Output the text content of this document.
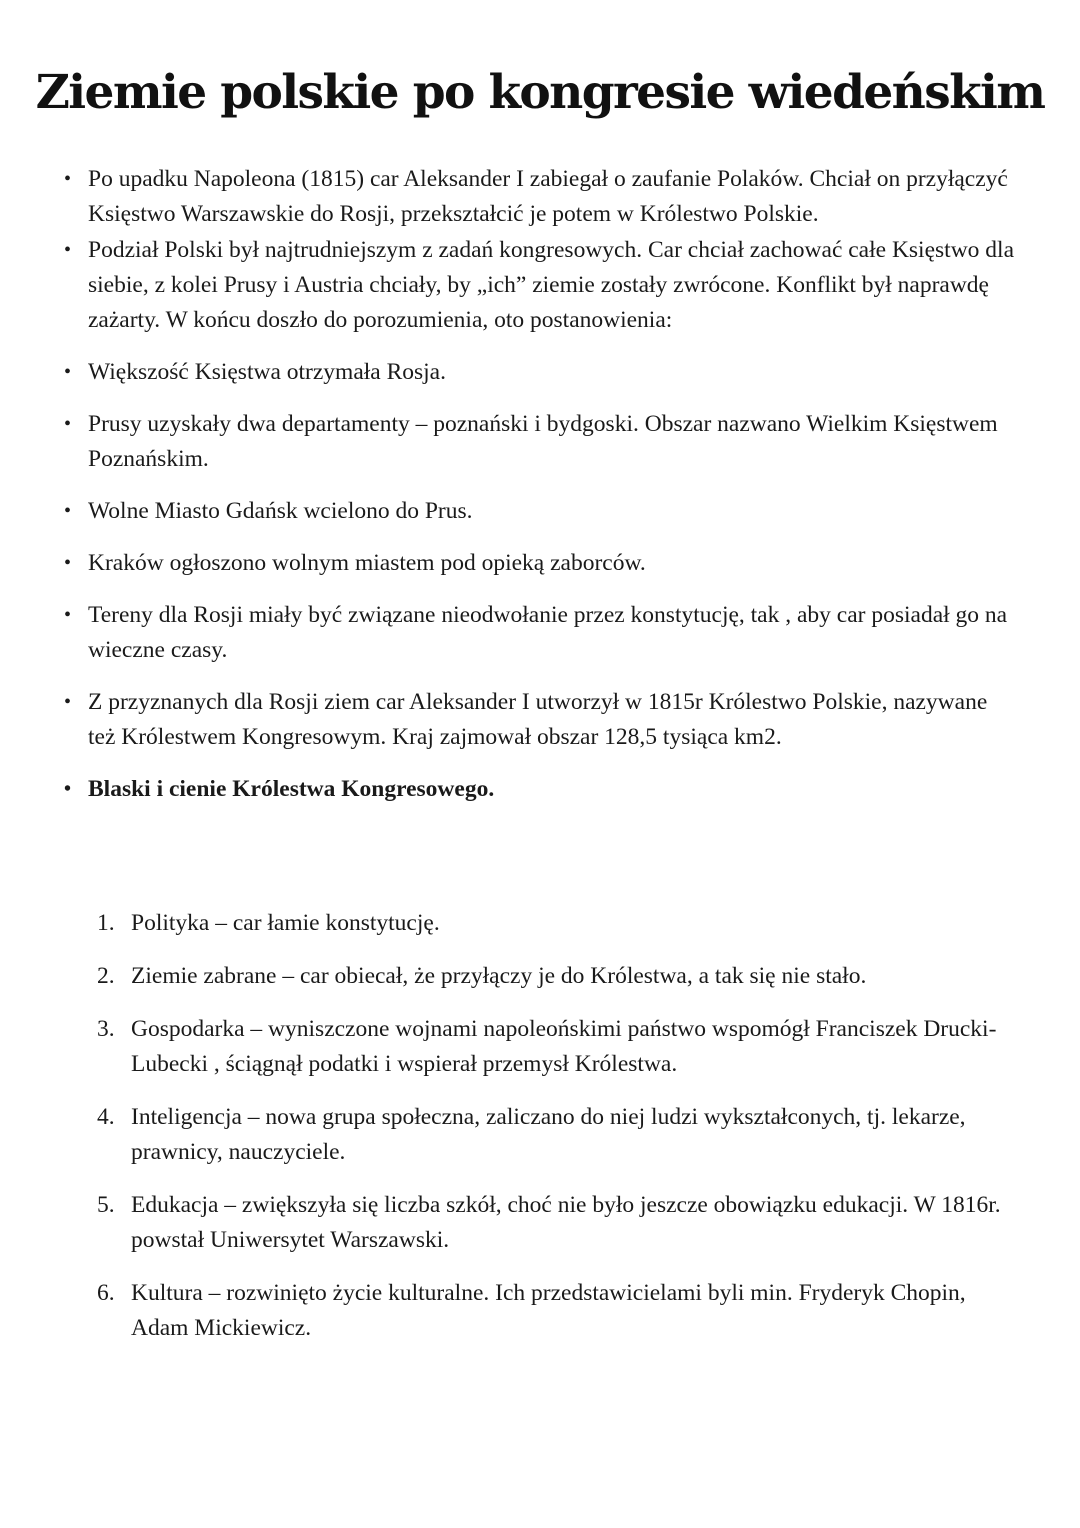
Ziemie polskie po kongresie wiedeńskim
• Po upadku Napoleona (1815) car Aleksander I zabiegał o zaufanie Polaków. Chciał on przyłączyć Księstwo Warszawskie do Rosji, przekształcić je potem w Królestwo Polskie.
• Podział Polski był najtrudniejszym z zadań kongresowych. Car chciał zachować całe Księstwo dla siebie, z kolei Prusy i Austria chciały, by „ich” ziemie zostały zwrócone. Konflikt był naprawdę zażarty. W końcu doszło do porozumienia, oto postanowienia:
• Większość Księstwa otrzymała Rosja.
• Prusy uzyskały dwa departamenty – poznański i bydgoski. Obszar nazwano Wielkim Księstwem Poznańskim.
• Wolne Miasto Gdańsk wcielono do Prus.
• Kraków ogłoszono wolnym miastem pod opieką zaborców.
• Tereny dla Rosji miały być związane nieodwołanie przez konstytucję, tak , aby car posiadał go na wieczne czasy.
• Z przyznanych dla Rosji ziem car Aleksander I utworzył w 1815r Królestwo Polskie, nazywane też Królestwem Kongresowym. Kraj zajmował obszar 128,5 tysiąca km2.
• Blaski i cienie Królestwa Kongresowego.
1. Polityka – car łamie konstytucję.
2. Ziemie zabrane – car obiecał, że przyłączy je do Królestwa, a tak się nie stało.
3. Gospodarka – wyniszczone wojnami napoleońskimi państwo wspomógł Franciszek Drucki-Lubecki , ściągnął podatki i wspierał przemysł Królestwa.
4. Inteligencja – nowa grupa społeczna, zaliczano do niej ludzi wykształconych, tj. lekarze, prawnicy, nauczyciele.
5. Edukacja – zwiększyła się liczba szkół, choć nie było jeszcze obowiązku edukacji. W 1816r. powstał Uniwersytet Warszawski.
6. Kultura – rozwinięto życie kulturalne. Ich przedstawicielami byli min. Fryderyk Chopin, Adam Mickiewicz.
